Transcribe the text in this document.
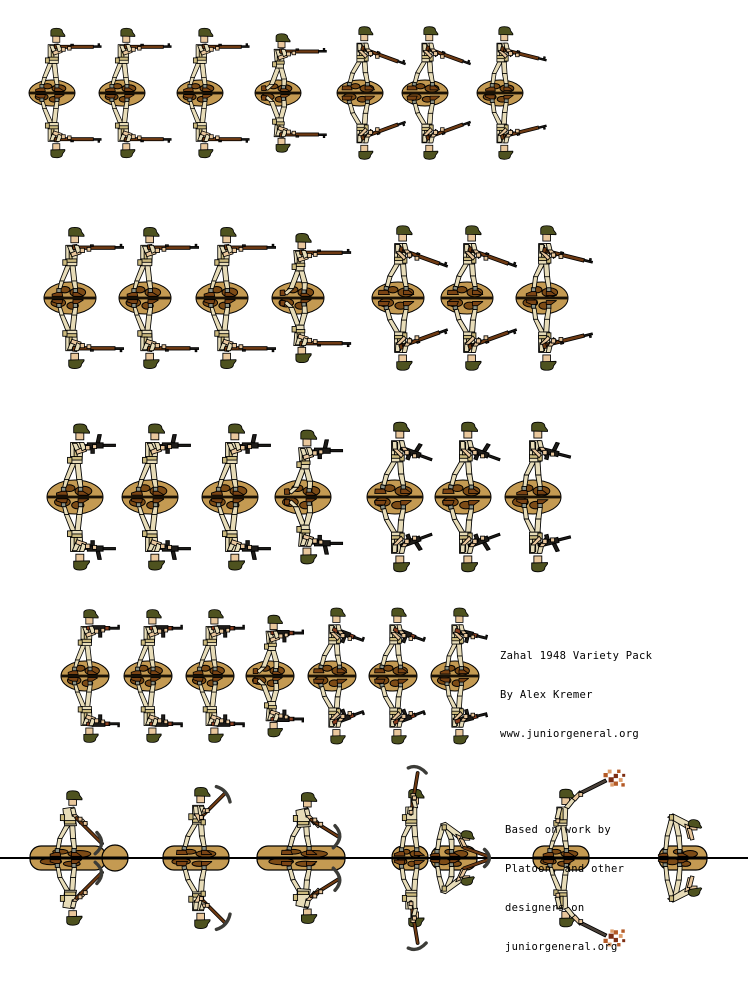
Zahal 1948 Variety Pack

By Alex Kremer

www.juniorgeneral.org

Based on work by

Platoon, and other

designers on

juniorgeneral.org
